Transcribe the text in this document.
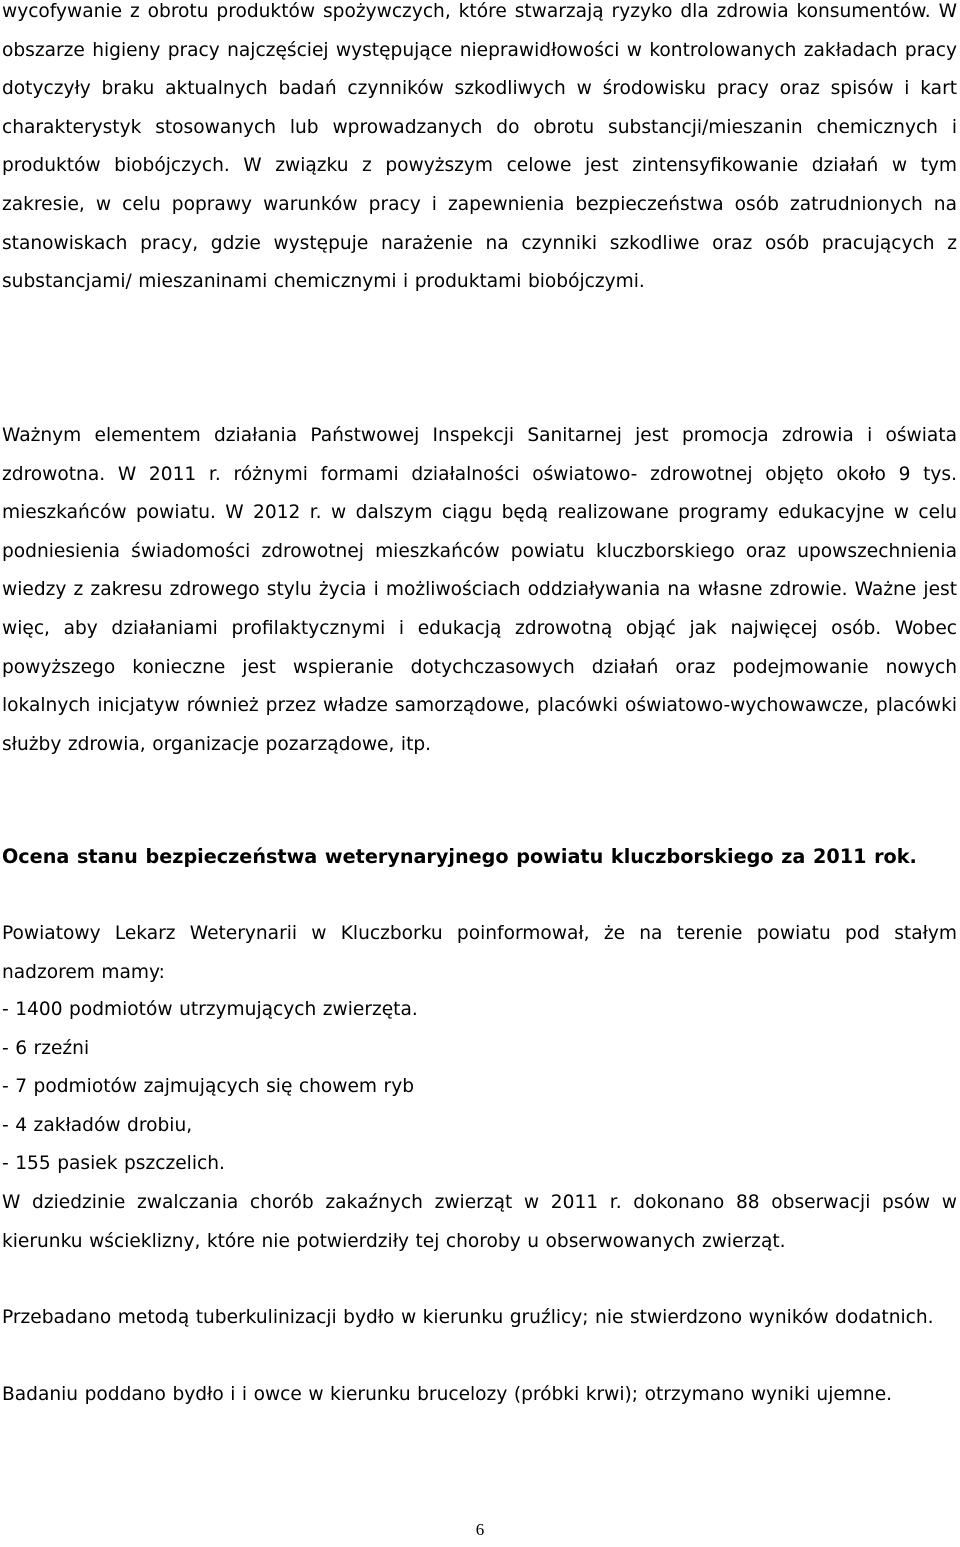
wycofywanie z obrotu produktów spożywczych, które stwarzają ryzyko dla zdrowia konsumentów. W obszarze higieny pracy najczęściej występujące nieprawidłowości w kontrolowanych zakładach pracy dotyczyły braku aktualnych badań czynników szkodliwych w środowisku pracy oraz spisów i kart charakterystyk stosowanych lub wprowadzanych do obrotu substancji/mieszanin chemicznych i produktów biobójczych. W związku z powyższym celowe jest zintensyfikowanie działań w tym zakresie, w celu poprawy warunków pracy i zapewnienia bezpieczeństwa osób zatrudnionych na stanowiskach pracy, gdzie występuje narażenie na czynniki szkodliwe oraz osób pracujących z substancjami/ mieszaninami chemicznymi i produktami biobójczymi.
Ważnym elementem działania Państwowej Inspekcji Sanitarnej jest promocja zdrowia i oświata zdrowotna. W 2011 r. różnymi formami działalności oświatowo- zdrowotnej objęto około 9 tys. mieszkańców powiatu. W 2012 r. w dalszym ciągu będą realizowane programy edukacyjne w celu podniesienia świadomości zdrowotnej mieszkańców powiatu kluczborskiego oraz upowszechnienia wiedzy z zakresu zdrowego stylu życia i możliwościach oddziaływania na własne zdrowie. Ważne jest więc, aby działaniami profilaktycznymi i edukacją zdrowotną objąć jak najwięcej osób. Wobec powyższego konieczne jest wspieranie dotychczasowych działań oraz podejmowanie nowych lokalnych inicjatyw również przez władze samorządowe, placówki oświatowo-wychowawcze, placówki służby zdrowia, organizacje pozarządowe, itp.
Ocena stanu bezpieczeństwa weterynaryjnego powiatu kluczborskiego za 2011 rok.
Powiatowy Lekarz Weterynarii w Kluczborku poinformował, że na terenie powiatu pod stałym nadzorem mamy:
- 1400 podmiotów utrzymujących zwierzęta.
- 6 rzeźni
- 7 podmiotów zajmujących się chowem ryb
- 4 zakładów drobiu,
- 155 pasiek pszczelich.
W dziedzinie zwalczania chorób zakaźnych zwierząt w 2011 r. dokonano 88 obserwacji psów w kierunku wścieklizny, które nie potwierdziły tej choroby u obserwowanych zwierząt.
Przebadano metodą tuberkulinizacji bydło w kierunku gruźlicy; nie stwierdzono wyników dodatnich.
Badaniu poddano bydło i i owce w kierunku brucelozy (próbki krwi); otrzymano wyniki ujemne.
6
